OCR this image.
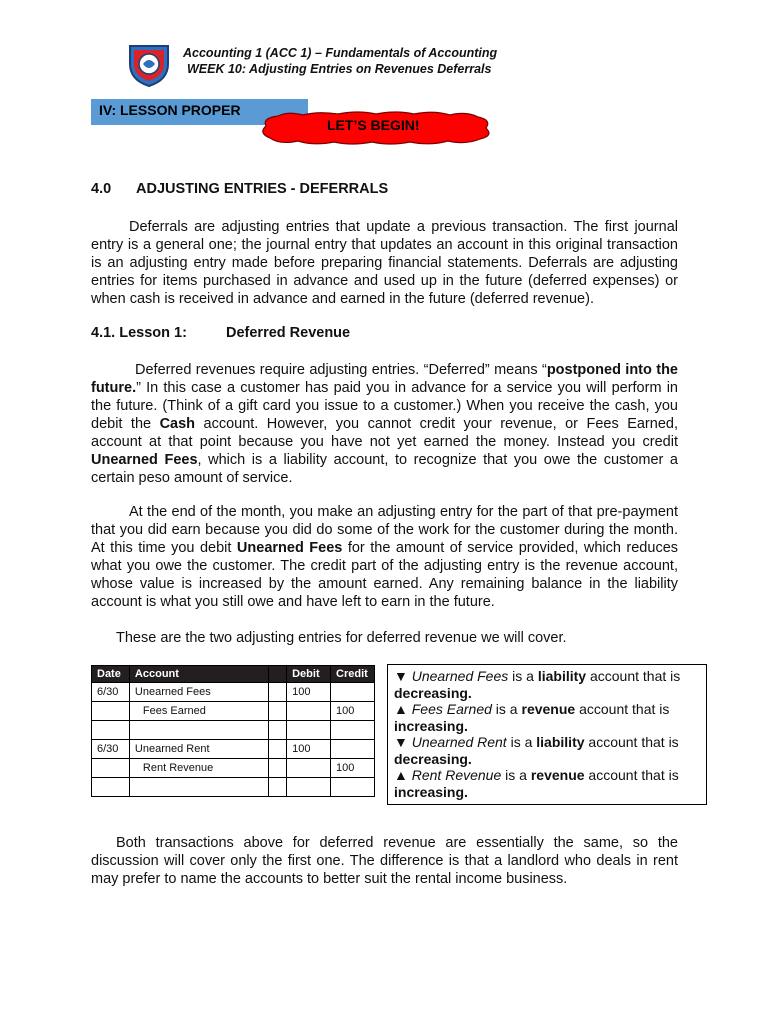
Accounting 1 (ACC 1) – Fundamentals of Accounting
WEEK 10: Adjusting Entries on Revenues Deferrals
IV: LESSON PROPER
LET’S BEGIN!
4.0 ADJUSTING ENTRIES - DEFERRALS

Deferrals are adjusting entries that update a previous transaction. The first journal entry is a general one; the journal entry that updates an account in this original transaction is an adjusting entry made before preparing financial statements. Deferrals are adjusting entries for items purchased in advance and used up in the future (deferred expenses) or when cash is received in advance and earned in the future (deferred revenue).

4.1. Lesson 1:	Deferred Revenue

Deferred revenues require adjusting entries. “Deferred” means “postponed into the future.” In this case a customer has paid you in advance for a service you will perform in the future. (Think of a gift card you issue to a customer.) When you receive the cash, you debit the Cash account. However, you cannot credit your revenue, or Fees Earned, account at that point because you have not yet earned the money. Instead you credit Unearned Fees, which is a liability account, to recognize that you owe the customer a certain peso amount of service.

At the end of the month, you make an adjusting entry for the part of that pre-payment that you did earn because you did do some of the work for the customer during the month. At this time you debit Unearned Fees for the amount of service provided, which reduces what you owe the customer. The credit part of the adjusting entry is the revenue account, whose value is increased by the amount earned. Any remaining balance in the liability account is what you still owe and have left to earn in the future.

These are the two adjusting entries for deferred revenue we will cover.

Date	Account		Debit	Credit
6/30	Unearned Fees		100	
	Fees Earned			100

6/30	Unearned Rent		100	
	Rent Revenue			100

▼ Unearned Fees is a liability account that is
decreasing.
▲ Fees Earned is a revenue account that is
increasing.
▼ Unearned Rent is a liability account that is
decreasing.
▲ Rent Revenue is a revenue account that is
increasing.

Both transactions above for deferred revenue are essentially the same, so the discussion will cover only the first one. The difference is that a landlord who deals in rent may prefer to name the accounts to better suit the rental income business.
